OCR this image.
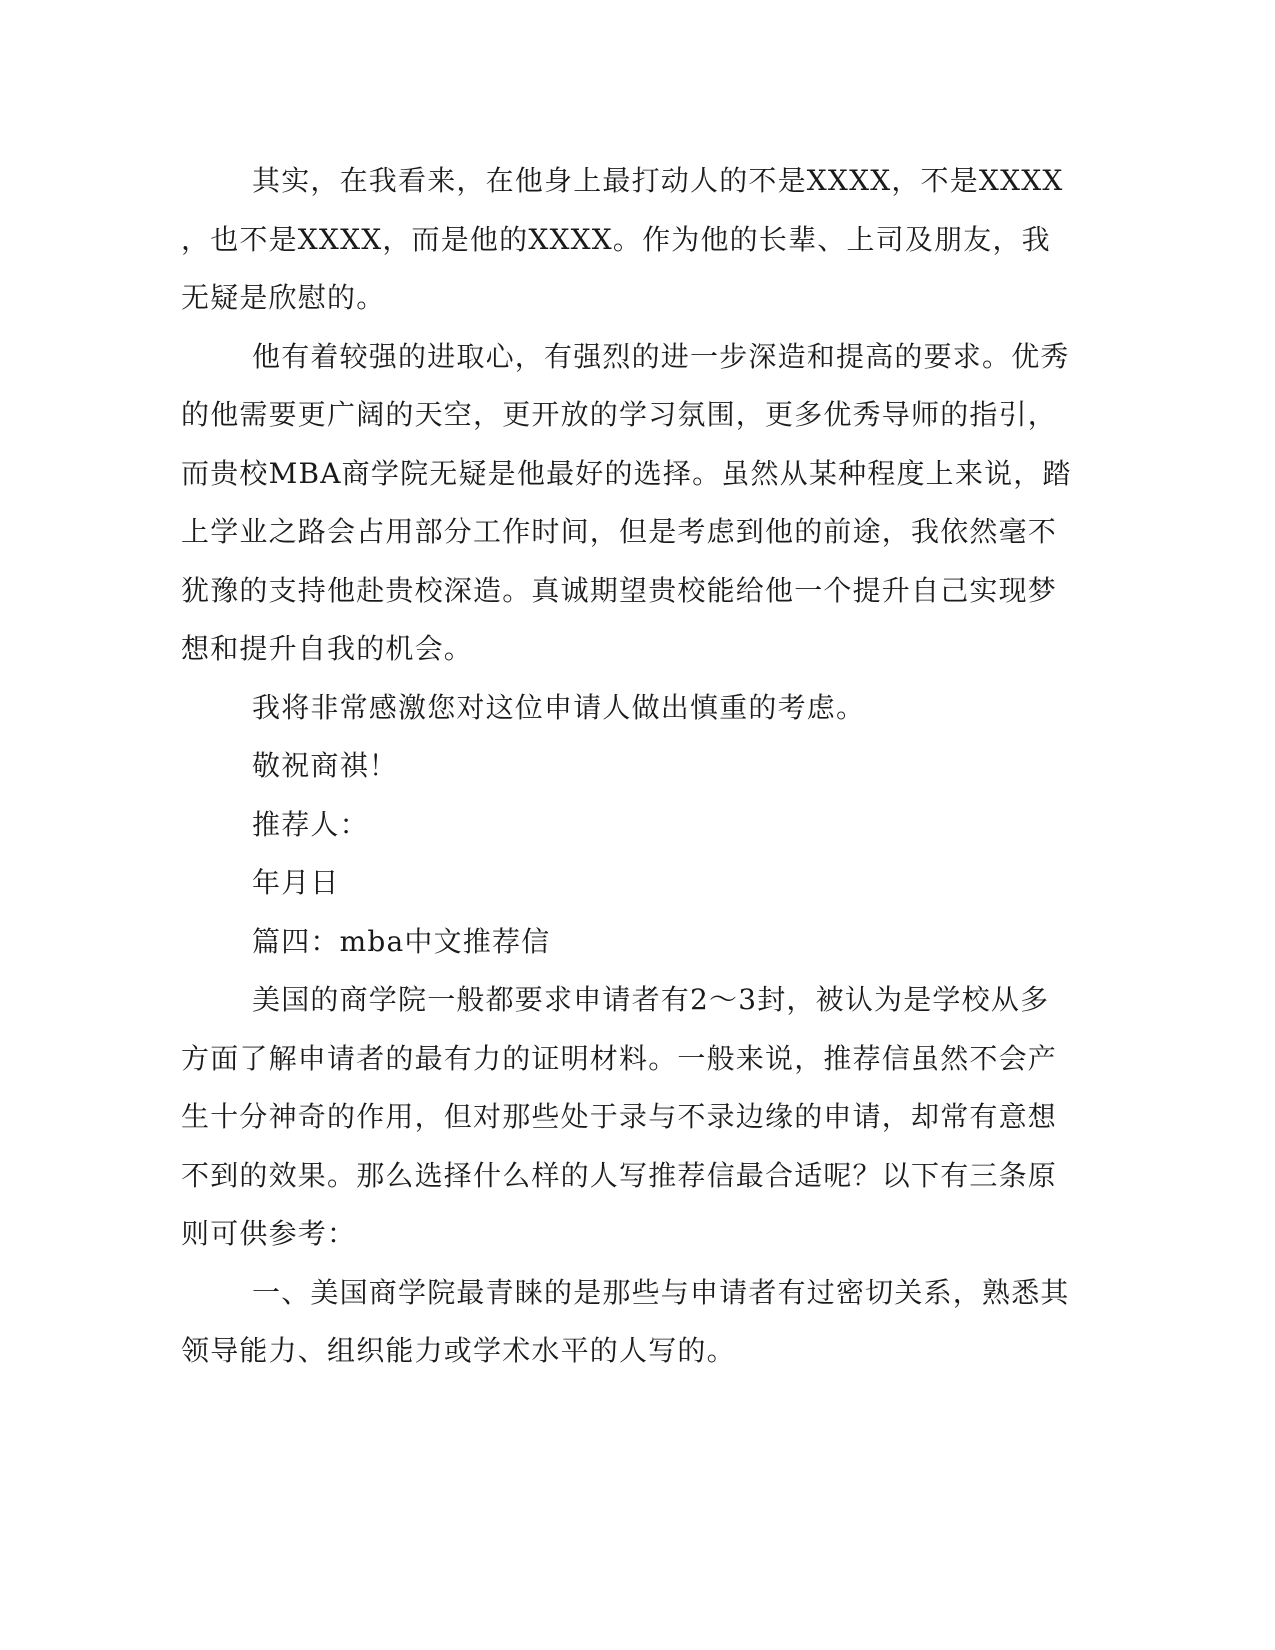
其实，在我看来，在他身上最打动人的不是XXXX，不是XXXX
，也不是XXXX，而是他的XXXX。作为他的长辈、上司及朋友，我
无疑是欣慰的。
他有着较强的进取心，有强烈的进一步深造和提高的要求。优秀
的他需要更广阔的天空，更开放的学习氛围，更多优秀导师的指引，
而贵校MBA商学院无疑是他最好的选择。虽然从某种程度上来说，踏
上学业之路会占用部分工作时间，但是考虑到他的前途，我依然毫不
犹豫的支持他赴贵校深造。真诚期望贵校能给他一个提升自己实现梦
想和提升自我的机会。
我将非常感激您对这位申请人做出慎重的考虑。
敬祝商祺！
推荐人：
年月日
篇四：mba中文推荐信
美国的商学院一般都要求申请者有2～3封，被认为是学校从多
方面了解申请者的最有力的证明材料。一般来说，推荐信虽然不会产
生十分神奇的作用，但对那些处于录与不录边缘的申请，却常有意想
不到的效果。那么选择什么样的人写推荐信最合适呢？以下有三条原
则可供参考：
一、美国商学院最青睐的是那些与申请者有过密切关系，熟悉其
领导能力、组织能力或学术水平的人写的。
